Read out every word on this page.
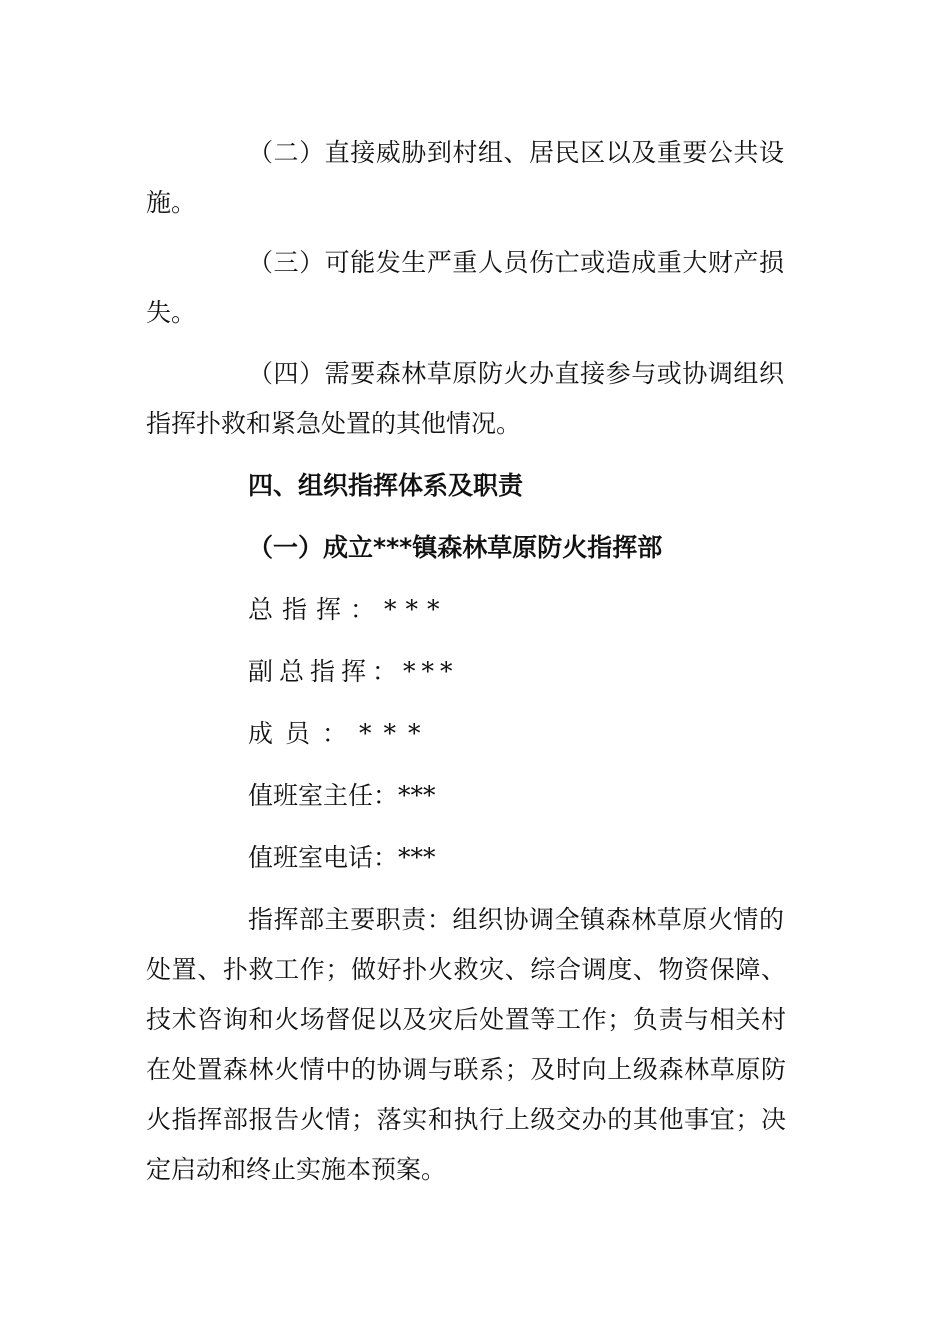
（二）直接威胁到村组、居民区以及重要公共设
施。
（三）可能发生严重人员伤亡或造成重大财产损
失。
（四）需要森林草原防火办直接参与或协调组织
指挥扑救和紧急处置的其他情况。
四、组织指挥体系及职责
（一）成立***镇森林草原防火指挥部
总指挥：***
副总指挥：***
成员：***
值班室主任：***
值班室电话：***
指挥部主要职责：组织协调全镇森林草原火情的
处置、扑救工作；做好扑火救灾、综合调度、物资保障、
技术咨询和火场督促以及灾后处置等工作；负责与相关村
在处置森林火情中的协调与联系；及时向上级森林草原防
火指挥部报告火情；落实和执行上级交办的其他事宜；决
定启动和终止实施本预案。
